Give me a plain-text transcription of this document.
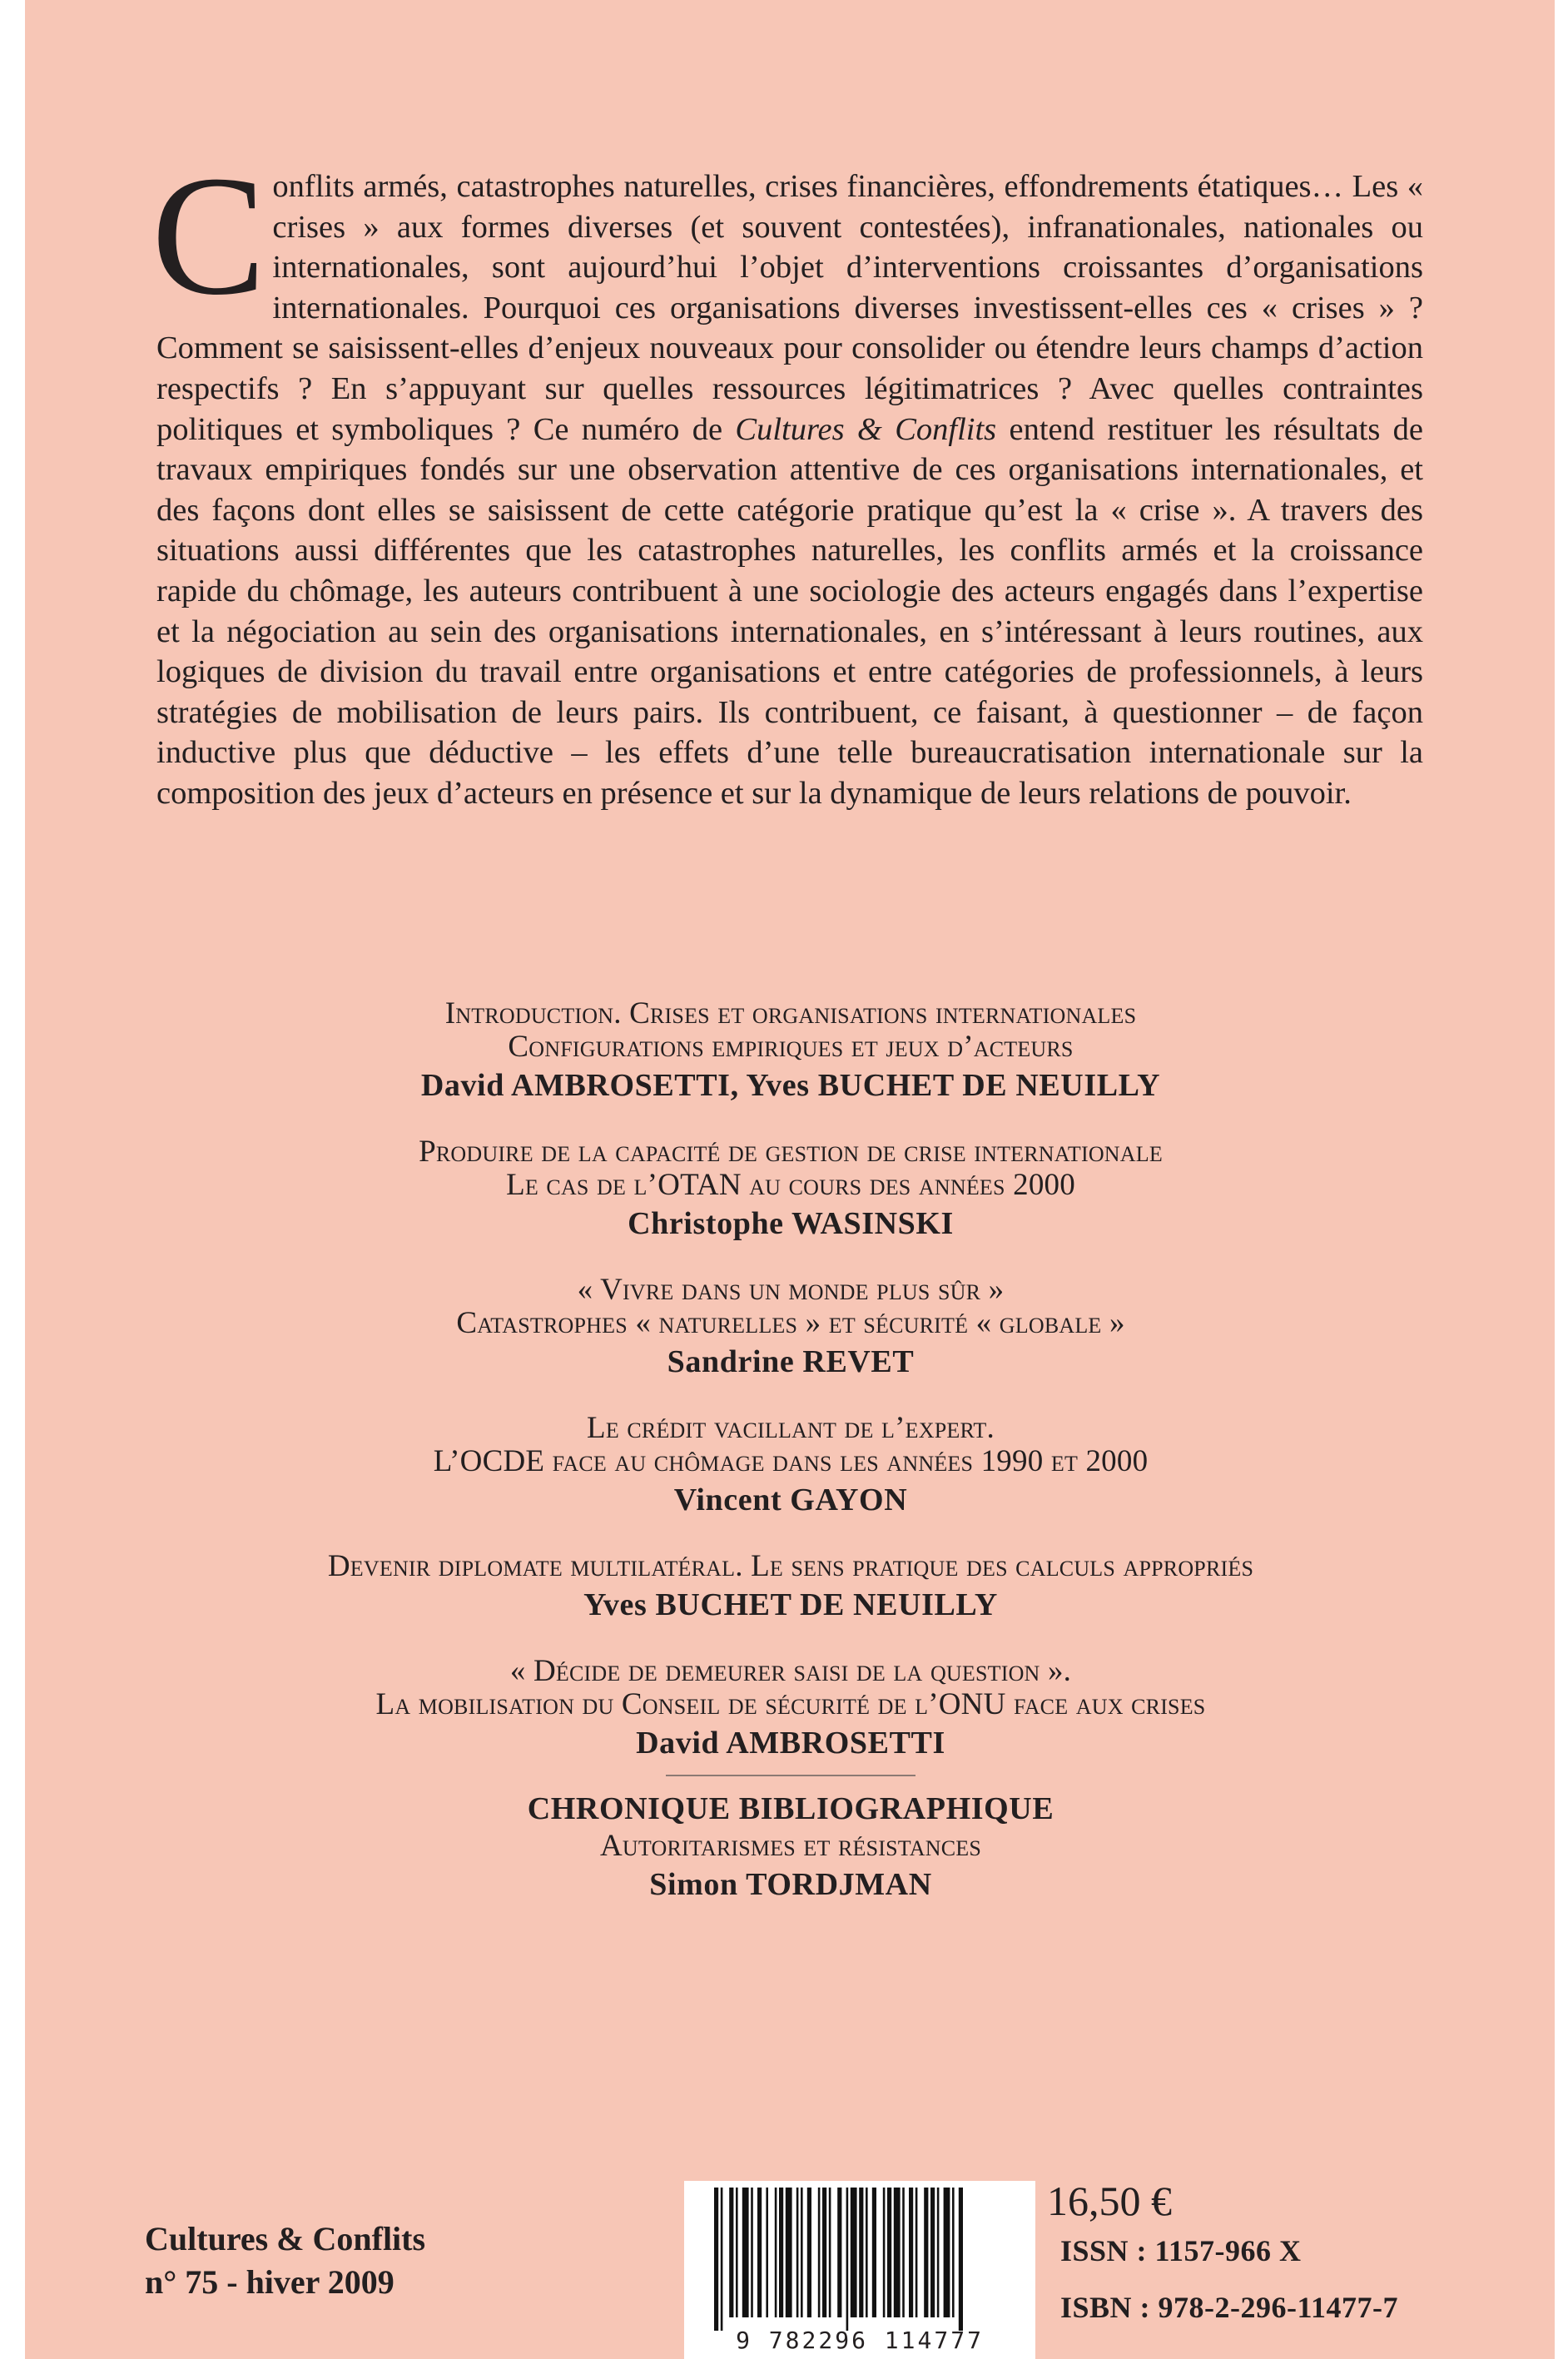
Conflits armés, catastrophes naturelles, crises financières, effondrements étatiques… Les « crises » aux formes diverses (et souvent contestées), infranationales, nationales ou internationales, sont aujourd’hui l’objet d’interventions croissantes d’organisations internationales. Pourquoi ces organisations diverses investissent-elles ces « crises » ? Comment se saisissent-elles d’enjeux nouveaux pour consolider ou étendre leurs champs d’action respectifs ? En s’appuyant sur quelles ressources légitimatrices ? Avec quelles contraintes politiques et symboliques ? Ce numéro de Cultures & Conflits entend restituer les résultats de travaux empiriques fondés sur une observation attentive de ces organisations internationales, et des façons dont elles se saisissent de cette catégorie pratique qu’est la « crise ». A travers des situations aussi différentes que les catastrophes naturelles, les conflits armés et la croissance rapide du chômage, les auteurs contribuent à une sociologie des acteurs engagés dans l’expertise et la négociation au sein des organisations internationales, en s’intéressant à leurs routines, aux logiques de division du travail entre organisations et entre catégories de professionnels, à leurs stratégies de mobilisation de leurs pairs. Ils contribuent, ce faisant, à questionner – de façon inductive plus que déductive – les effets d’une telle bureaucratisation internationale sur la composition des jeux d’acteurs en présence et sur la dynamique de leurs relations de pouvoir.
Introduction. Crises et organisations internationales
Configurations empiriques et jeux d’acteurs
David AMBROSETTI, Yves BUCHET DE NEUILLY
Produire de la capacité de gestion de crise internationale
Le cas de l’OTAN au cours des années 2000
Christophe WASINSKI
« Vivre dans un monde plus sûr »
Catastrophes « naturelles » et sécurité « globale »
Sandrine REVET
Le crédit vacillant de l’expert.
L’OCDE face au chômage dans les années 1990 et 2000
Vincent GAYON
Devenir diplomate multilatéral. Le sens pratique des calculs appropriés
Yves BUCHET DE NEUILLY
« Décide de demeurer saisi de la question ».
La mobilisation du Conseil de sécurité de l’ONU face aux crises
David AMBROSETTI
CHRONIQUE BIBLIOGRAPHIQUE
Autoritarismes et résistances
Simon TORDJMAN
Cultures & Conflits
n° 75 - hiver 2009
9 782296 114777
16,50 €
ISSN : 1157-966 X
ISBN : 978-2-296-11477-7
